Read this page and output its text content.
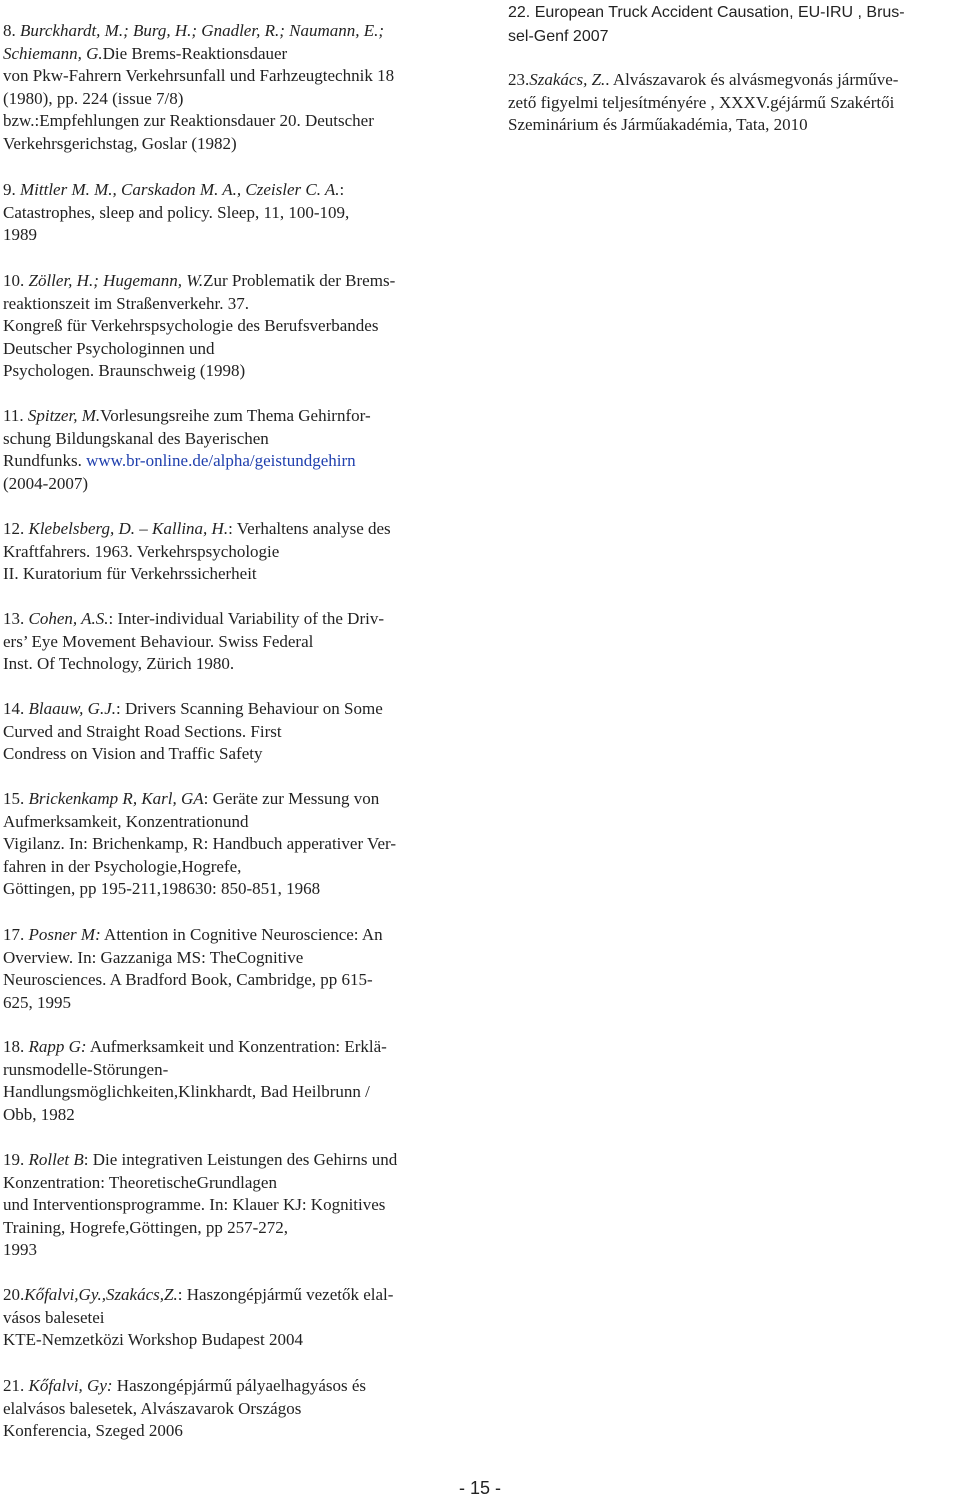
8. Burckhardt, M.; Burg, H.; Gnadler, R.; Naumann, E.;
Schiemann, G.Die Brems-Reaktionsdauer
von Pkw-Fahrern Verkehrsunfall und Farhzeugtechnik 18
(1980), pp. 224 (issue 7/8)
bzw.:Empfehlungen zur Reaktionsdauer 20. Deutscher
Verkehrsgerichstag, Goslar (1982)
9. Mittler M. M., Carskadon M. A., Czeisler C. A.:
Catastrophes, sleep and policy. Sleep, 11, 100-109,
1989
10. Zöller, H.; Hugemann, W.Zur Problematik der Brems-
reaktionszeit im Straßenverkehr. 37.
Kongreß für Verkehrspsychologie des Berufsverbandes
Deutscher Psychologinnen und
Psychologen. Braunschweig (1998)
11. Spitzer, M.Vorlesungsreihe zum Thema Gehirnfor-
schung Bildungskanal des Bayerischen
Rundfunks. www.br-online.de/alpha/geistundgehirn
(2004-2007)
12. Klebelsberg, D. – Kallina, H.: Verhaltens analyse des
Kraftfahrers. 1963. Verkehrspsychologie
II. Kuratorium für Verkehrssicherheit
13. Cohen, A.S.: Inter-individual Variability of the Driv-
ers’ Eye Movement Behaviour. Swiss Federal
Inst. Of Technology, Zürich 1980.
14. Blaauw, G.J.: Drivers Scanning Behaviour on Some
Curved and Straight Road Sections. First
Condress on Vision and Traffic Safety
15. Brickenkamp R, Karl, GA: Geräte zur Messung von
Aufmerksamkeit, Konzentrationund
Vigilanz. In: Brichenkamp, R: Handbuch apperativer Ver-
fahren in der Psychologie,Hogrefe,
Göttingen, pp 195-211,198630: 850-851, 1968
17. Posner M: Attention in Cognitive Neuroscience: An
Overview. In: Gazzaniga MS: TheCognitive
Neurosciences. A Bradford Book, Cambridge, pp 615-
625, 1995
18. Rapp G: Aufmerksamkeit und Konzentration: Erklä-
runsmodelle-Störungen-
Handlungsmöglichkeiten,Klinkhardt, Bad Heilbrunn /
Obb, 1982
19. Rollet B: Die integrativen Leistungen des Gehirns und
Konzentration: TheoretischeGrundlagen
und Interventionsprogramme. In: Klauer KJ: Kognitives
Training, Hogrefe,Göttingen, pp 257-272,
1993
20.Kőfalvi,Gy.,Szakács,Z.: Haszongépjármű vezetők elal-
vásos balesetei
KTE-Nemzetközi Workshop Budapest 2004
21. Kőfalvi, Gy: Haszongépjármű pályaelhagyásos és
elalvásos balesetek, Alvászavarok Országos
Konferencia, Szeged 2006
22. European Truck Accident Causation, EU-IRU , Brus-
sel-Genf 2007
23.Szakács, Z.. Alvászavarok és alvásmegvonás járműve-
zető figyelmi teljesítményére , XXXV.géjármű Szakértői
Szeminárium és Járműakadémia, Tata, 2010
- 15 -
